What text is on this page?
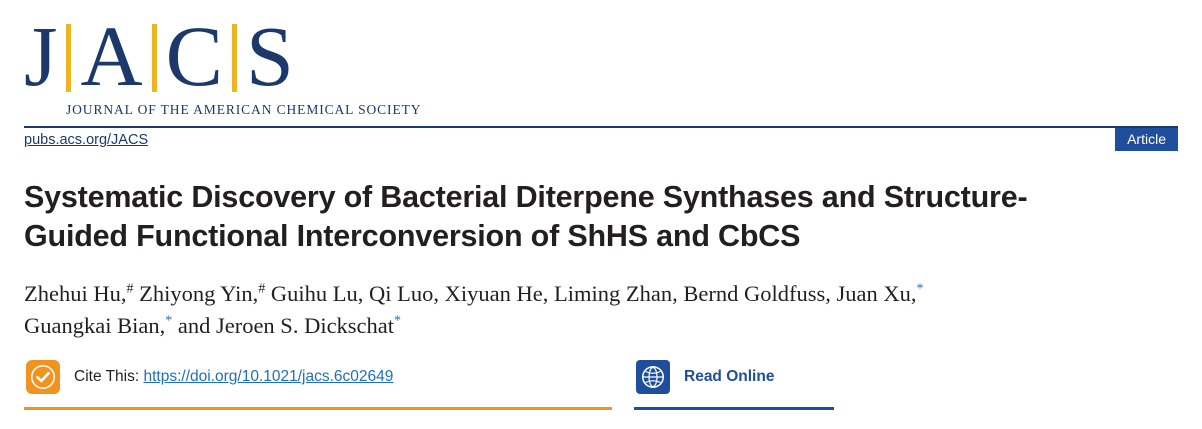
J A C S
JOURNAL OF THE AMERICAN CHEMICAL SOCIETY
pubs.acs.org/JACS	Article
Systematic Discovery of Bacterial Diterpene Synthases and Structure-Guided Functional Interconversion of ShHS and CbCS
Zhehui Hu,# Zhiyong Yin,# Guihu Lu, Qi Luo, Xiyuan He, Liming Zhan, Bernd Goldfuss, Juan Xu,*
Guangkai Bian,* and Jeroen S. Dickschat*
Cite This: https://doi.org/10.1021/jacs.6c02649	Read Online
